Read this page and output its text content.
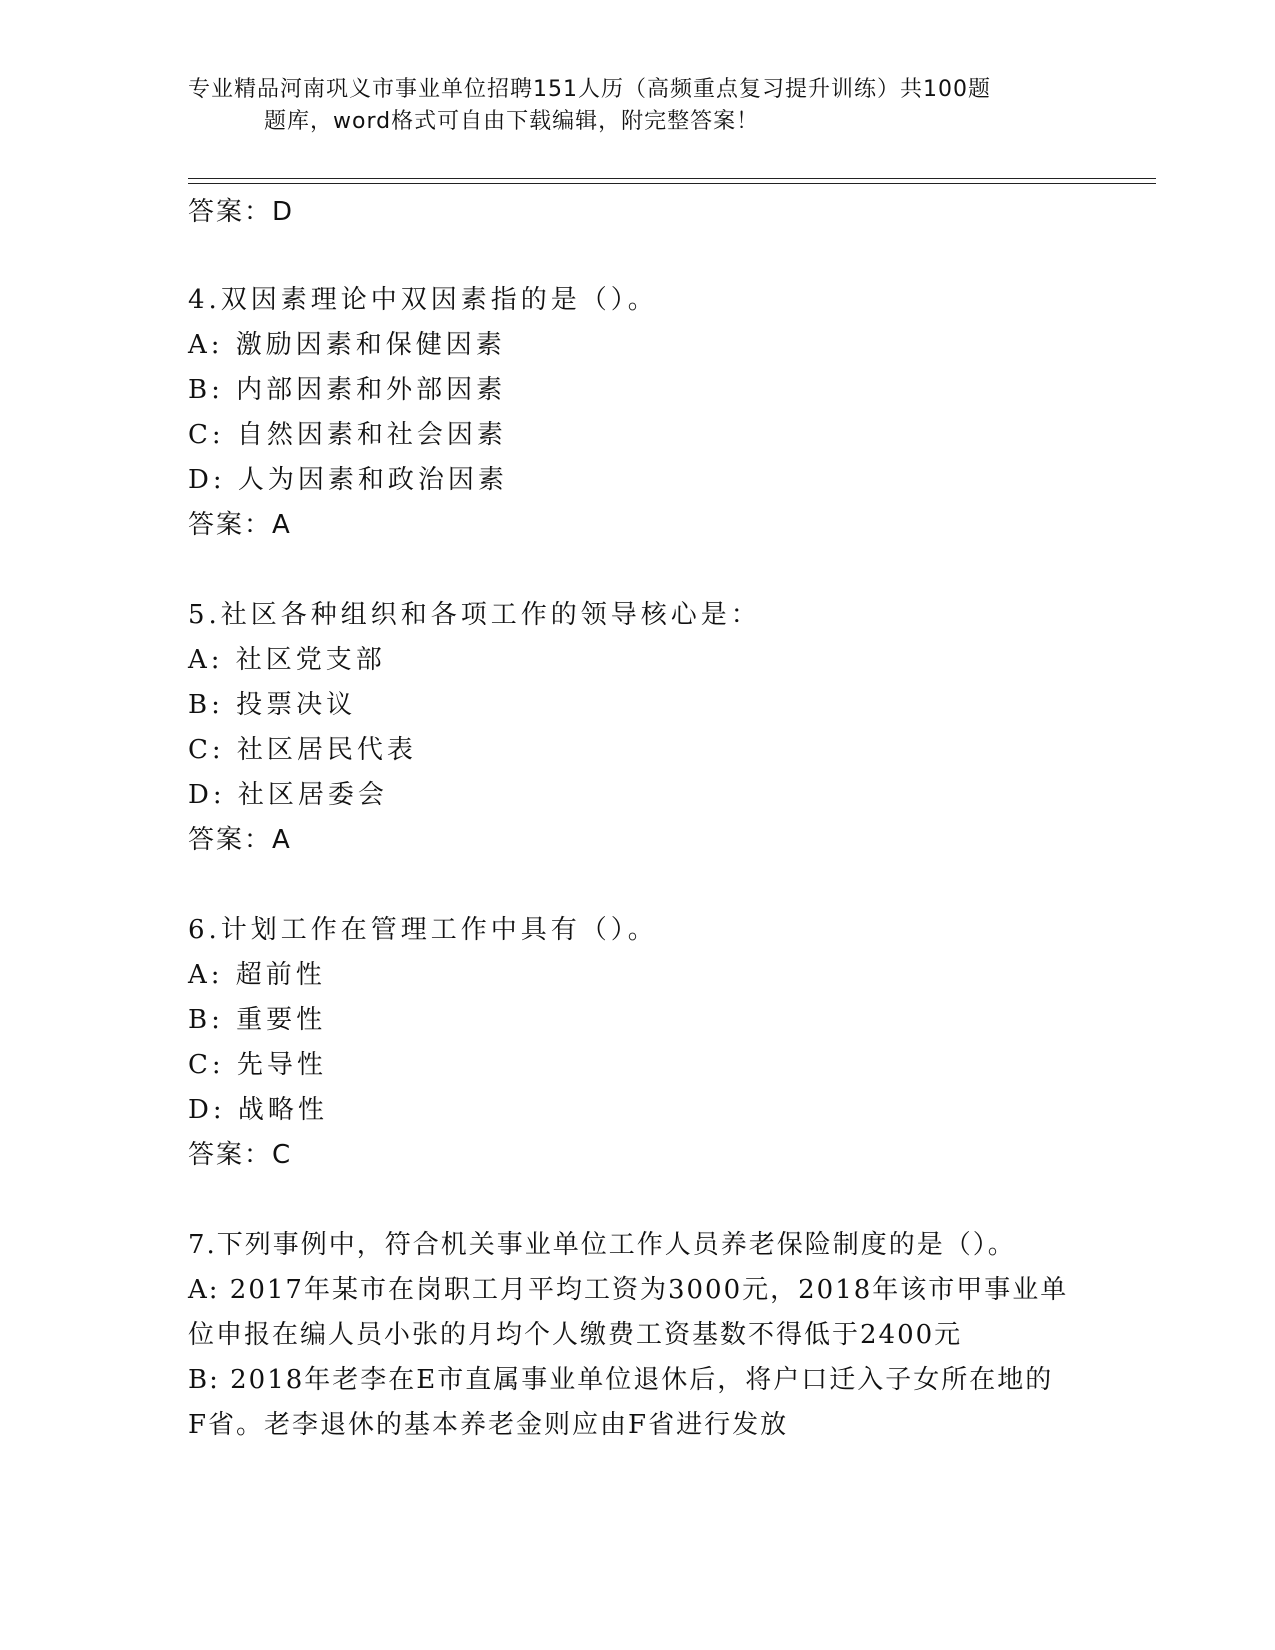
专业精品河南巩义市事业单位招聘151人历（高频重点复习提升训练）共100题
题库，word格式可自由下载编辑，附完整答案！
答案：D
4.双因素理论中双因素指的是（）。
A: 激励因素和保健因素
B: 内部因素和外部因素
C: 自然因素和社会因素
D: 人为因素和政治因素
答案：A
5.社区各种组织和各项工作的领导核心是：
A: 社区党支部
B: 投票决议
C: 社区居民代表
D: 社区居委会
答案：A
6.计划工作在管理工作中具有（）。
A: 超前性
B: 重要性
C: 先导性
D: 战略性
答案：C
7.下列事例中，符合机关事业单位工作人员养老保险制度的是（）。
A: 2017年某市在岗职工月平均工资为3000元，2018年该市甲事业单
位申报在编人员小张的月均个人缴费工资基数不得低于2400元
B: 2018年老李在E市直属事业单位退休后，将户口迁入子女所在地的
F省。老李退休的基本养老金则应由F省进行发放
